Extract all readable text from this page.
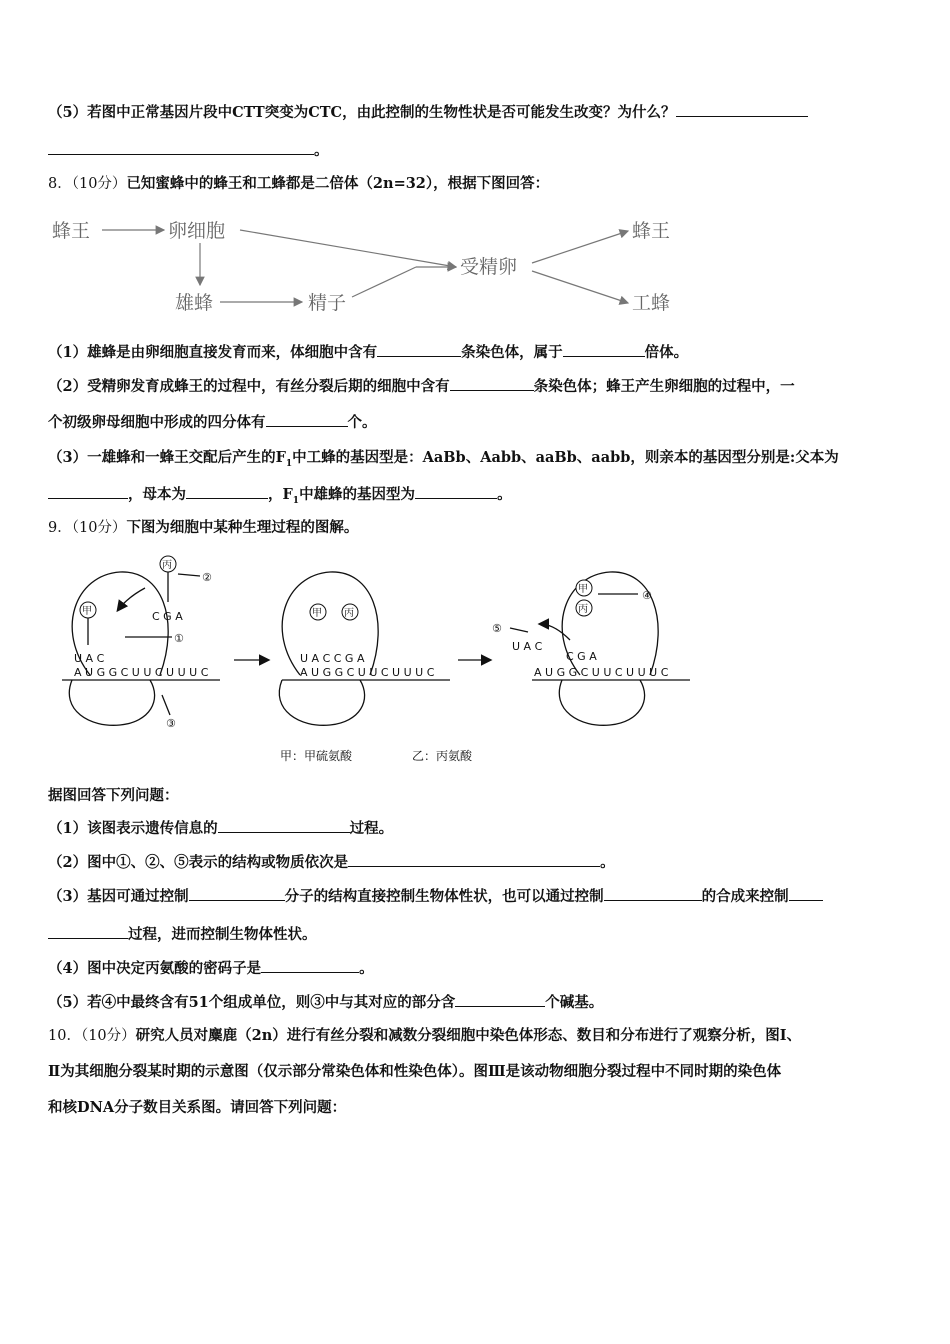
（5）若图中正常基因片段中CTT突变为CTC，由此控制的生物性状是否可能发生改变？为什么？
。
8．（10分）已知蜜蜂中的蜂王和工蜂都是二倍体（2n=32），根据下图回答：
蜂王	卵细胞	蜂王
雄蜂	精子
受精卵
工蜂
（1）雄蜂是由卵细胞直接发育而来，体细胞中含有	条染色体，属于	倍体。
（2）受精卵发育成蜂王的过程中，有丝分裂后期的细胞中含有	条染色体；蜂王产生卵细胞的过程中，一
个初级卵母细胞中形成的四分体有	个。
（3）一雄蜂和一蜂王交配后产生的$F_1$中工蜂的基因型是：AaBb、Aabb、aaBb、aabb，则亲本的基因型分别是:父本为
，母本为	，$F_1$中雄蜂的基因型为	。
9．（10分）下图为细胞中某种生理过程的图解。
丙
甲
②
①
③
C G A
U A C
A U G G C U U C U U U C
甲 丙
U A C C G A
A U G G C U U C U U U C
甲
丙
④
⑤
U A C
C G A
A U G G C U U C U U U C
甲：甲硫氨酸	乙：丙氨酸
据图回答下列问题：
（1）该图表示遗传信息的	过程。
（2）图中①、②、⑤表示的结构或物质依次是	。
（3）基因可通过控制	分子的结构直接控制生物体性状，也可以通过控制	的合成来控制
过程，进而控制生物体性状。
（4）图中决定丙氨酸的密码子是	。
（5）若④中最终含有51个组成单位，则③中与其对应的部分含	个碱基。
10．（10分）研究人员对麋鹿（2n）进行有丝分裂和减数分裂细胞中染色体形态、数目和分布进行了观察分析，图Ⅰ、
Ⅱ为其细胞分裂某时期的示意图（仅示部分常染色体和性染色体）。图Ⅲ是该动物细胞分裂过程中不同时期的染色体
和核DNA分子数目关系图。请回答下列问题：
